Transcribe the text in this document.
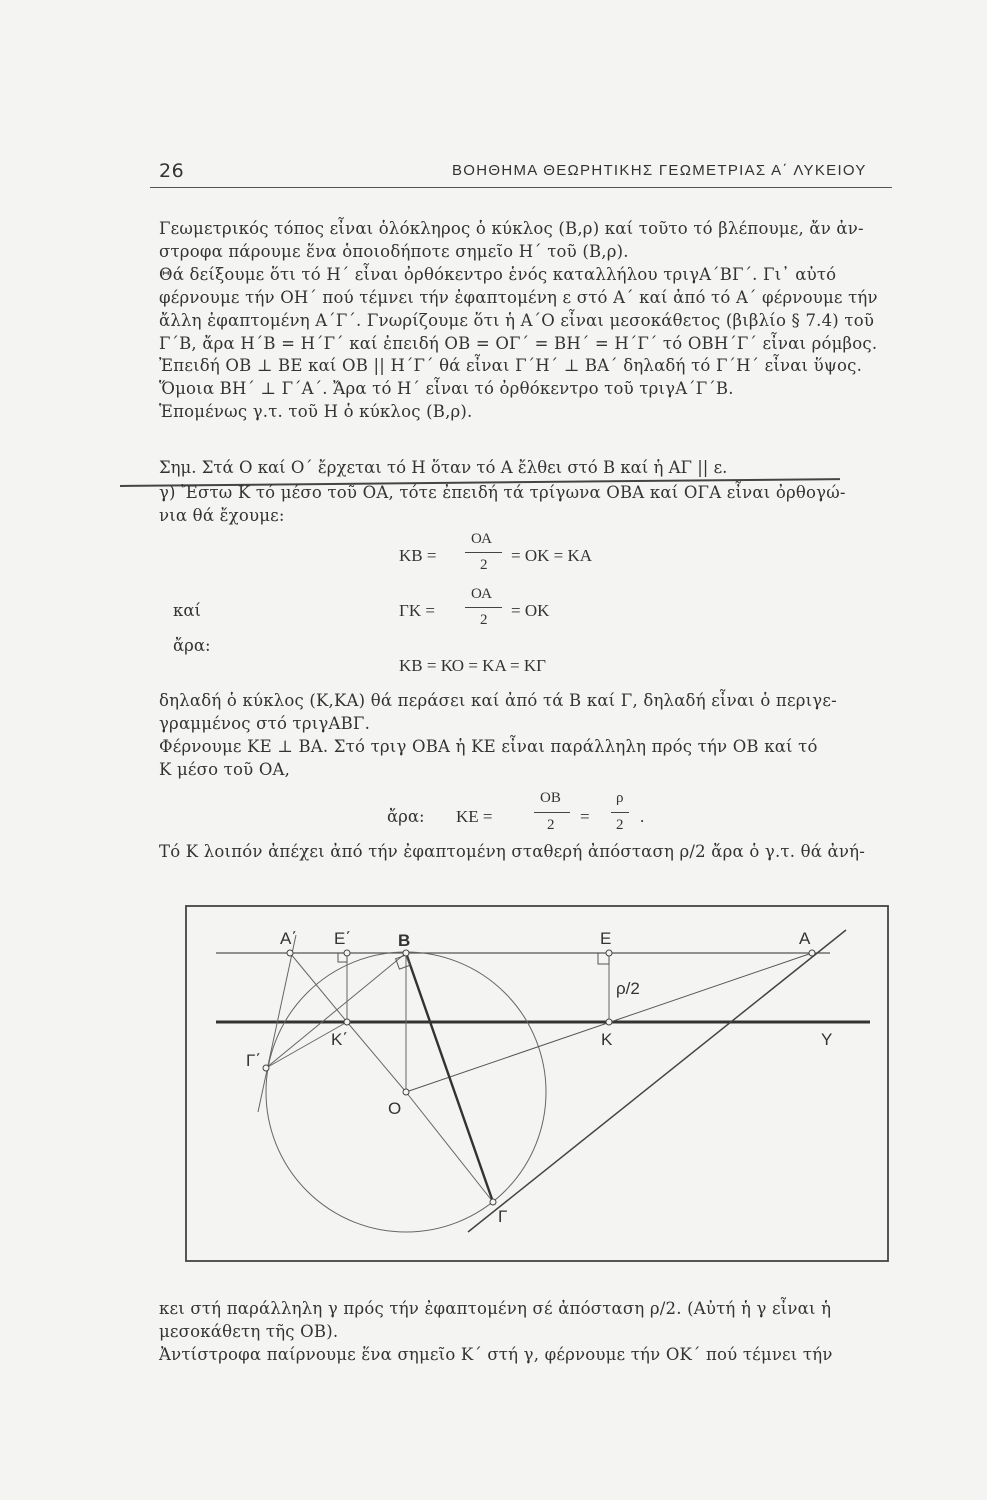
26	ΒΟΗΘΗΜΑ ΘΕΩΡΗΤΙΚΗΣ ΓΕΩΜΕΤΡΙΑΣ Α΄ ΛΥΚΕΙΟΥ

Γεωμετρικός τόπος εἶναι ὁλόκληρος ὁ κύκλος (Β,ρ) καί τοῦτο τό βλέπουμε, ἄν ἀν-

στροφα πάρουμε ἕνα ὁποιοδήποτε σημεῖο Η΄ τοῦ (Β,ρ).

Θά δείξουμε ὅτι τό Η΄ εἶναι ὀρθόκεντρο ἑνός καταλλήλου τριγΑ΄ΒΓ΄. Γι᾽ αὐτό

φέρνουμε τήν ΟΗ΄ πού τέμνει τήν ἐφαπτομένη ε στό Α΄ καί ἀπό τό Α΄ φέρνουμε τήν

ἄλλη ἐφαπτομένη Α΄Γ΄. Γνωρίζουμε ὅτι ἡ Α΄Ο εἶναι μεσοκάθετος (βιβλίο § 7.4) τοῦ

Γ΄Β, ἄρα Η΄Β = Η΄Γ΄ καί ἐπειδή ΟΒ = ΟΓ΄ = ΒΗ΄ = Η΄Γ΄ τό ΟΒΗ΄Γ΄ εἶναι ρόμβος.

Ἐπειδή ΟΒ ⊥ ΒΕ καί ΟΒ || Η΄Γ΄ θά εἶναι Γ΄Η΄ ⊥ ΒΑ΄ δηλαδή τό Γ΄Η΄ εἶναι ὕψος.

Ὅμοια ΒΗ΄ ⊥ Γ΄Α΄. Ἄρα τό Η΄ εἶναι τό ὀρθόκεντρο τοῦ τριγΑ΄Γ΄Β.

Ἑπομένως γ.τ. τοῦ Η ὁ κύκλος (Β,ρ).

Σημ. Στά Ο καί Ο΄ ἔρχεται τό Η ὅταν τό Α ἔλθει στό Β καί ἡ ΑΓ || ε.

γ) Ἔστω Κ τό μέσο τοῦ ΟΑ, τότε ἐπειδή τά τρίγωνα ΟΒΑ καί ΟΓΑ εἶναι ὀρθογώ-

νια θά ἔχουμε:

ΚΒ =
ΟΑ
2 = ΟΚ = ΚΑ
καί	ΓΚ =
ΟΑ
2 = ΟΚ
ἄρα:
ΚΒ = ΚΟ = ΚΑ = ΚΓ

δηλαδή ὁ κύκλος (Κ,ΚΑ) θά περάσει καί ἀπό τά Β καί Γ, δηλαδή εἶναι ὁ περιγε-

γραμμένος στό τριγΑΒΓ.

Φέρνουμε ΚΕ ⊥ ΒΑ. Στό τριγ ΟΒΑ ἡ ΚΕ εἶναι παράλληλη πρός τήν ΟΒ καί τό

Κ μέσο τοῦ ΟΑ,

ἄρα: ΚΕ =
ΟΒ
2 =
ρ
2 .

Τό Κ λοιπόν ἀπέχει ἀπό τήν ἐφαπτομένη σταθερή ἀπόσταση ρ/2 ἄρα ὁ γ.τ. θά ἀνή-

Α΄ Ε΄	Β	Ε	Α
ρ/2
Κ΄	Κ	Υ
Γ΄
Ο
Γ

κει στή παράλληλη γ πρός τήν ἐφαπτομένη σέ ἀπόσταση ρ/2. (Αὐτή ἡ γ εἶναι ἡ

μεσοκάθετη τῆς ΟΒ).

Ἀντίστροφα παίρνουμε ἕνα σημεῖο Κ΄ στή γ, φέρνουμε τήν ΟΚ΄ πού τέμνει τήν
